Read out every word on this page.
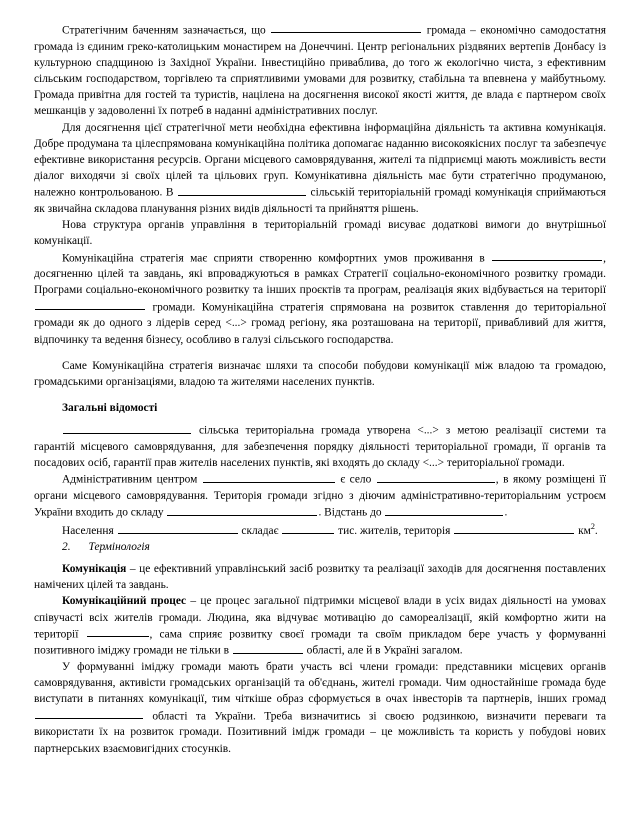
Стратегічним баченням зазначається, що	громада – економічно самодостатня громада із єдиним греко-католицьким монастирем на Донеччині. Центр регіональних різдвяних вертепів Донбасу із культурною спадщиною із Західної України. Інвестиційно приваблива, до того ж екологічно чиста, з ефективним сільським господарством, торгівлею та сприятливими умовами для розвитку, стабільна та впевнена у майбутньому. Громада привітна для гостей та туристів, націлена на досягнення високої якості життя, де влада є партнером своїх мешканців у задоволенні їх потреб в наданні адміністративних послуг.

Для досягнення цієї стратегічної мети необхідна ефективна інформаційна діяльність та активна комунікація. Добре продумана та цілеспрямована комунікаційна політика допомагає наданню високоякісних послуг та забезпечує ефективне використання ресурсів. Органи місцевого самоврядування, жителі та підприємці мають можливість вести діалог виходячи зі своїх цілей та цільових груп. Комунікативна діяльність має бути стратегічно продуманою, належно контрольованою. В	сільській територіальній громаді комунікація сприймаються як звичайна складова планування різних видів діяльності та прийняття рішень.

Нова структура органів управління в територіальній громаді висуває додаткові вимоги до внутрішньої комунікації.

Комунікаційна стратегія має сприяти створенню комфортних умов проживання в	, досягненню цілей та завдань, які впроваджуються в рамках Стратегії соціально-економічного розвитку громади. Програми соціально-економічного розвитку та інших проєктів та програм, реалізація яких відбувається на території  громади. Комунікаційна стратегія спрямована на розвиток ставлення до територіальної громади як до одного з лідерів серед <...> громад регіону, яка розташована на території, привабливий для життя, відпочинку та ведення бізнесу, особливо в галузі сільського господарства.

Саме Комунікаційна стратегія визначає шляхи та способи побудови комунікації між владою та громадою, громадськими організаціями, владою та жителями населених пунктів.

Загальні відомості

сільська територіальна громада утворена <...> з метою реалізації системи та гарантій місцевого самоврядування, для забезпечення порядку діяльності територіальної громади, її органів та посадових осіб, гарантії прав жителів населених пунктів, які входять до складу <...> територіальної громади.

Адміністративним центром	є село	, в якому розміщені її органи місцевого самоврядування. Територія громади згідно з діючим адміністративно-територіальним устроєм України входить до складу	. Відстань до	.

Населення	складає	тис. жителів, територія	$км^2$.

2. Термінологія

Комунікація – це ефективний управлінський засіб розвитку та реалізації заходів для досягнення поставлених намічених цілей та завдань.

Комунікаційний процес – це процес загальної підтримки місцевої влади в усіх видах діяльності на умовах співучасті всіх жителів громади. Людина, яка відчуває мотивацію до самореалізації, якій комфортно жити на території	, сама сприяє розвитку своєї громади та своїм прикладом бере участь у формуванні позитивного іміджу громади не тільки в	області, але й в Україні загалом.

У формуванні іміджу громади мають брати участь всі члени громади: представники місцевих органів самоврядування, активісти громадських організацій та об'єднань, жителі громади. Чим одностайніше громада буде виступати в питаннях комунікації, тим чіткіше образ сформується в очах інвесторів та партнерів, інших громад  області та України. Треба визначитись зі своєю родзинкою, визначити переваги та використати їх на розвиток громади. Позитивний імідж громади – це можливість та користь у побудові нових партнерських взаємовигідних стосунків.
